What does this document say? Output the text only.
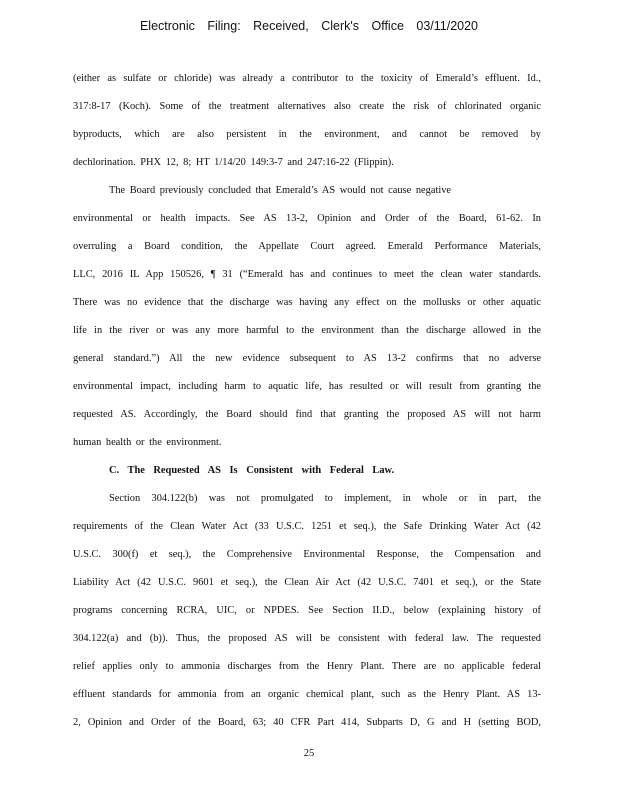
Electronic Filing: Received, Clerk's Office 03/11/2020
(either as sulfate or chloride) was already a contributor to the toxicity of Emerald’s effluent. Id.,
317:8-17 (Koch). Some of the treatment alternatives also create the risk of chlorinated organic
byproducts, which are also persistent in the environment, and cannot be removed by
dechlorination. PHX 12, 8; HT 1/14/20 149:3-7 and 247:16-22 (Flippin).
The Board previously concluded that Emerald’s AS would not cause negative
environmental or health impacts. See AS 13-2, Opinion and Order of the Board, 61-62. In
overruling a Board condition, the Appellate Court agreed. Emerald Performance Materials,
LLC, 2016 IL App 150526, ¶ 31 (“Emerald has and continues to meet the clean water standards.
There was no evidence that the discharge was having any effect on the mollusks or other aquatic
life in the river or was any more harmful to the environment than the discharge allowed in the
general standard.”) All the new evidence subsequent to AS 13-2 confirms that no adverse
environmental impact, including harm to aquatic life, has resulted or will result from granting the
requested AS. Accordingly, the Board should find that granting the proposed AS will not harm
human health or the environment.
C. The Requested AS Is Consistent with Federal Law.
Section 304.122(b) was not promulgated to implement, in whole or in part, the
requirements of the Clean Water Act (33 U.S.C. 1251 et seq.), the Safe Drinking Water Act (42
U.S.C. 300(f) et seq.), the Comprehensive Environmental Response, the Compensation and
Liability Act (42 U.S.C. 9601 et seq.), the Clean Air Act (42 U.S.C. 7401 et seq.), or the State
programs concerning RCRA, UIC, or NPDES. See Section II.D., below (explaining history of
304.122(a) and (b)). Thus, the proposed AS will be consistent with federal law. The requested
relief applies only to ammonia discharges from the Henry Plant. There are no applicable federal
effluent standards for ammonia from an organic chemical plant, such as the Henry Plant. AS 13-
2, Opinion and Order of the Board, 63; 40 CFR Part 414, Subparts D, G and H (setting BOD,
25
